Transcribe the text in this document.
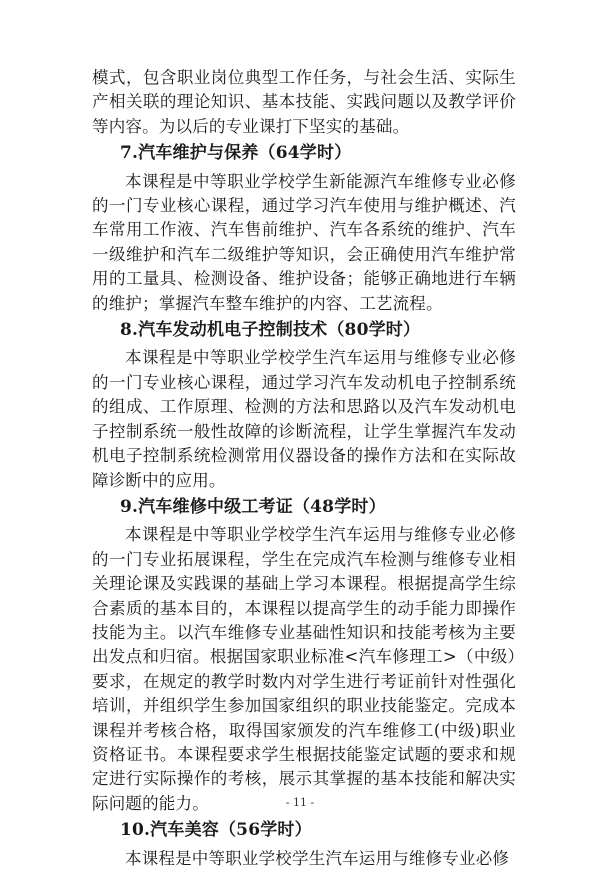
模式，包含职业岗位典型工作任务，与社会生活、实际生产相关联的理论知识、基本技能、实践问题以及教学评价等内容。为以后的专业课打下坚实的基础。

7.汽车维护与保养（64学时）

本课程是中等职业学校学生新能源汽车维修专业必修的一门专业核心课程，通过学习汽车使用与维护概述、汽车常用工作液、汽车售前维护、汽车各系统的维护、汽车一级维护和汽车二级维护等知识，会正确使用汽车维护常用的工量具、检测设备、维护设备；能够正确地进行车辆的维护；掌握汽车整车维护的内容、工艺流程。

8.汽车发动机电子控制技术（80学时）

本课程是中等职业学校学生汽车运用与维修专业必修的一门专业核心课程，通过学习汽车发动机电子控制系统的组成、工作原理、检测的方法和思路以及汽车发动机电子控制系统一般性故障的诊断流程，让学生掌握汽车发动机电子控制系统检测常用仪器设备的操作方法和在实际故障诊断中的应用。

9.汽车维修中级工考证（48学时）

本课程是中等职业学校学生汽车运用与维修专业必修的一门专业拓展课程，学生在完成汽车检测与维修专业相关理论课及实践课的基础上学习本课程。根据提高学生综合素质的基本目的，本课程以提高学生的动手能力即操作技能为主。以汽车维修专业基础性知识和技能考核为主要出发点和归宿。根据国家职业标准<汽车修理工>（中级）要求，在规定的教学时数内对学生进行考证前针对性强化培训，并组织学生参加国家组织的职业技能鉴定。完成本课程并考核合格，取得国家颁发的汽车维修工(中级)职业资格证书。本课程要求学生根据技能鉴定试题的要求和规定进行实际操作的考核，展示其掌握的基本技能和解决实际问题的能力。

10.汽车美容（56学时）

本课程是中等职业学校学生汽车运用与维修专业必修

- 11 -
